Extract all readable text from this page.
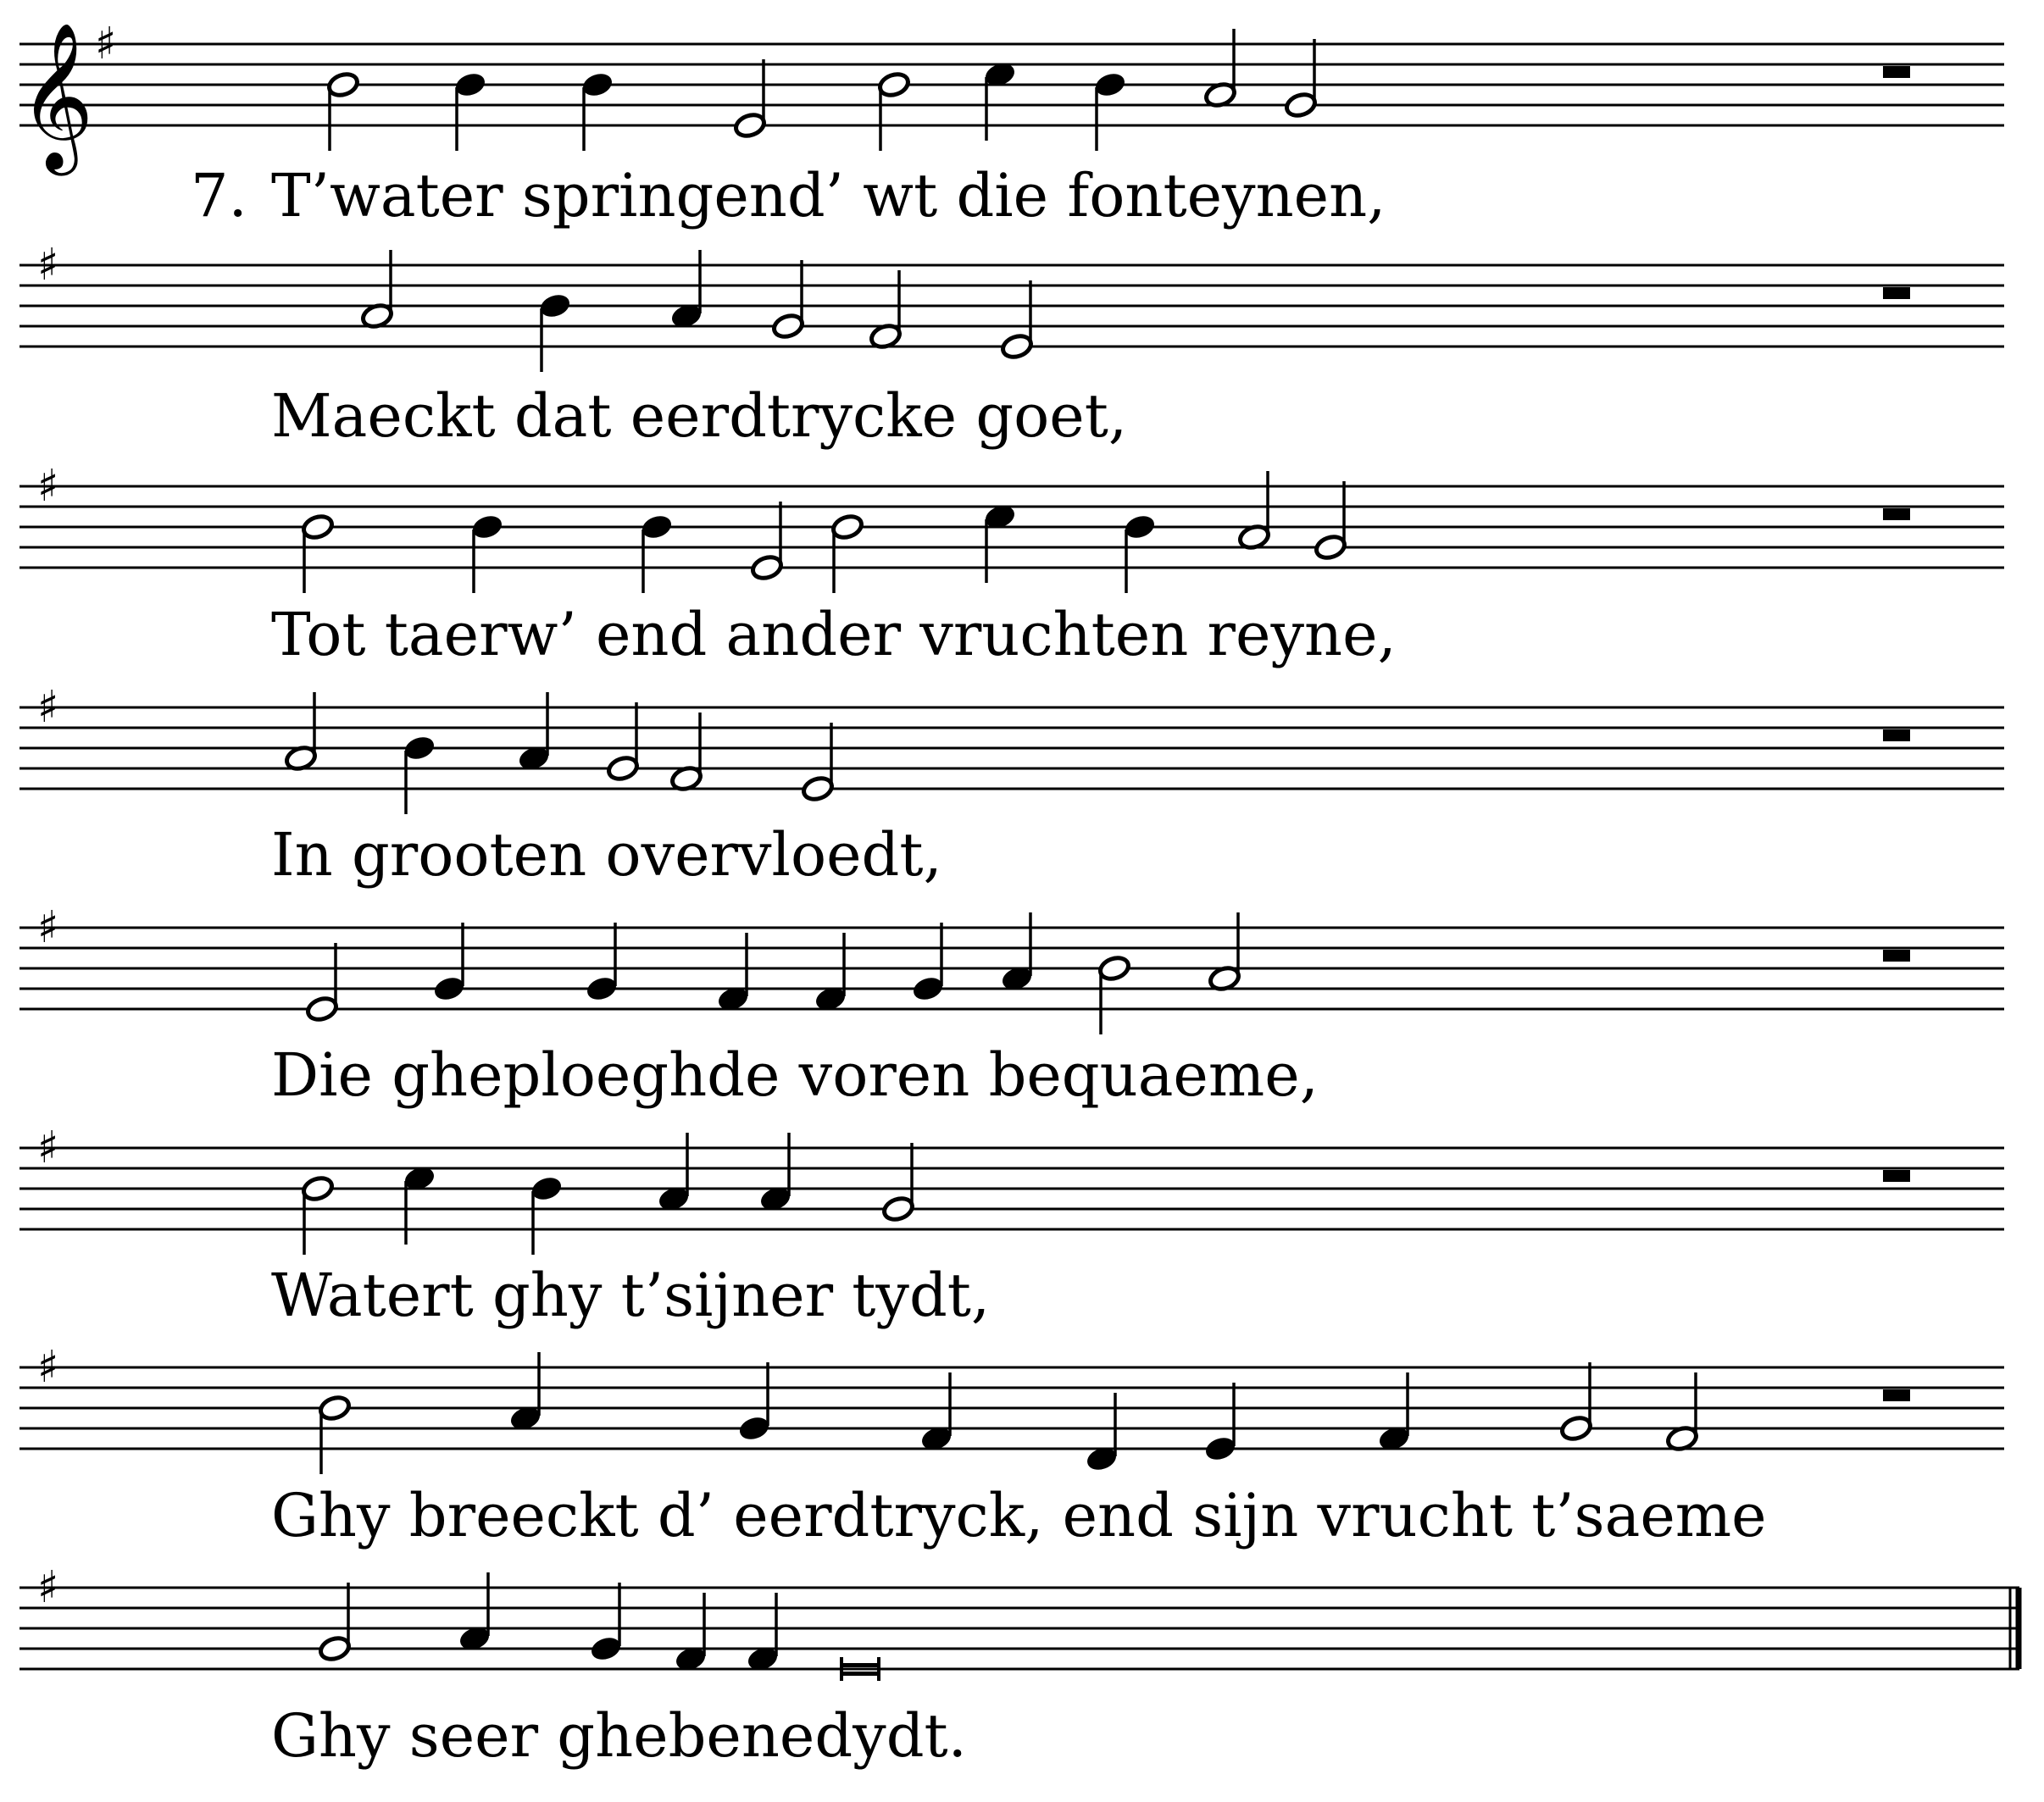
𝄞 ♯
♯
♯
♯
♯
♯
♯
♯
7. T’water springend’ wt die fonteynen,
Maeckt dat eerdtrycke goet,
Tot taerw’ end ander vruchten reyne,
In grooten overvloedt,
Die gheploeghde voren bequaeme,
Watert ghy t’sijner tydt,
Ghy breeckt d’ eerdtryck, end sijn vrucht t’saeme
Ghy seer ghebenedydt.
